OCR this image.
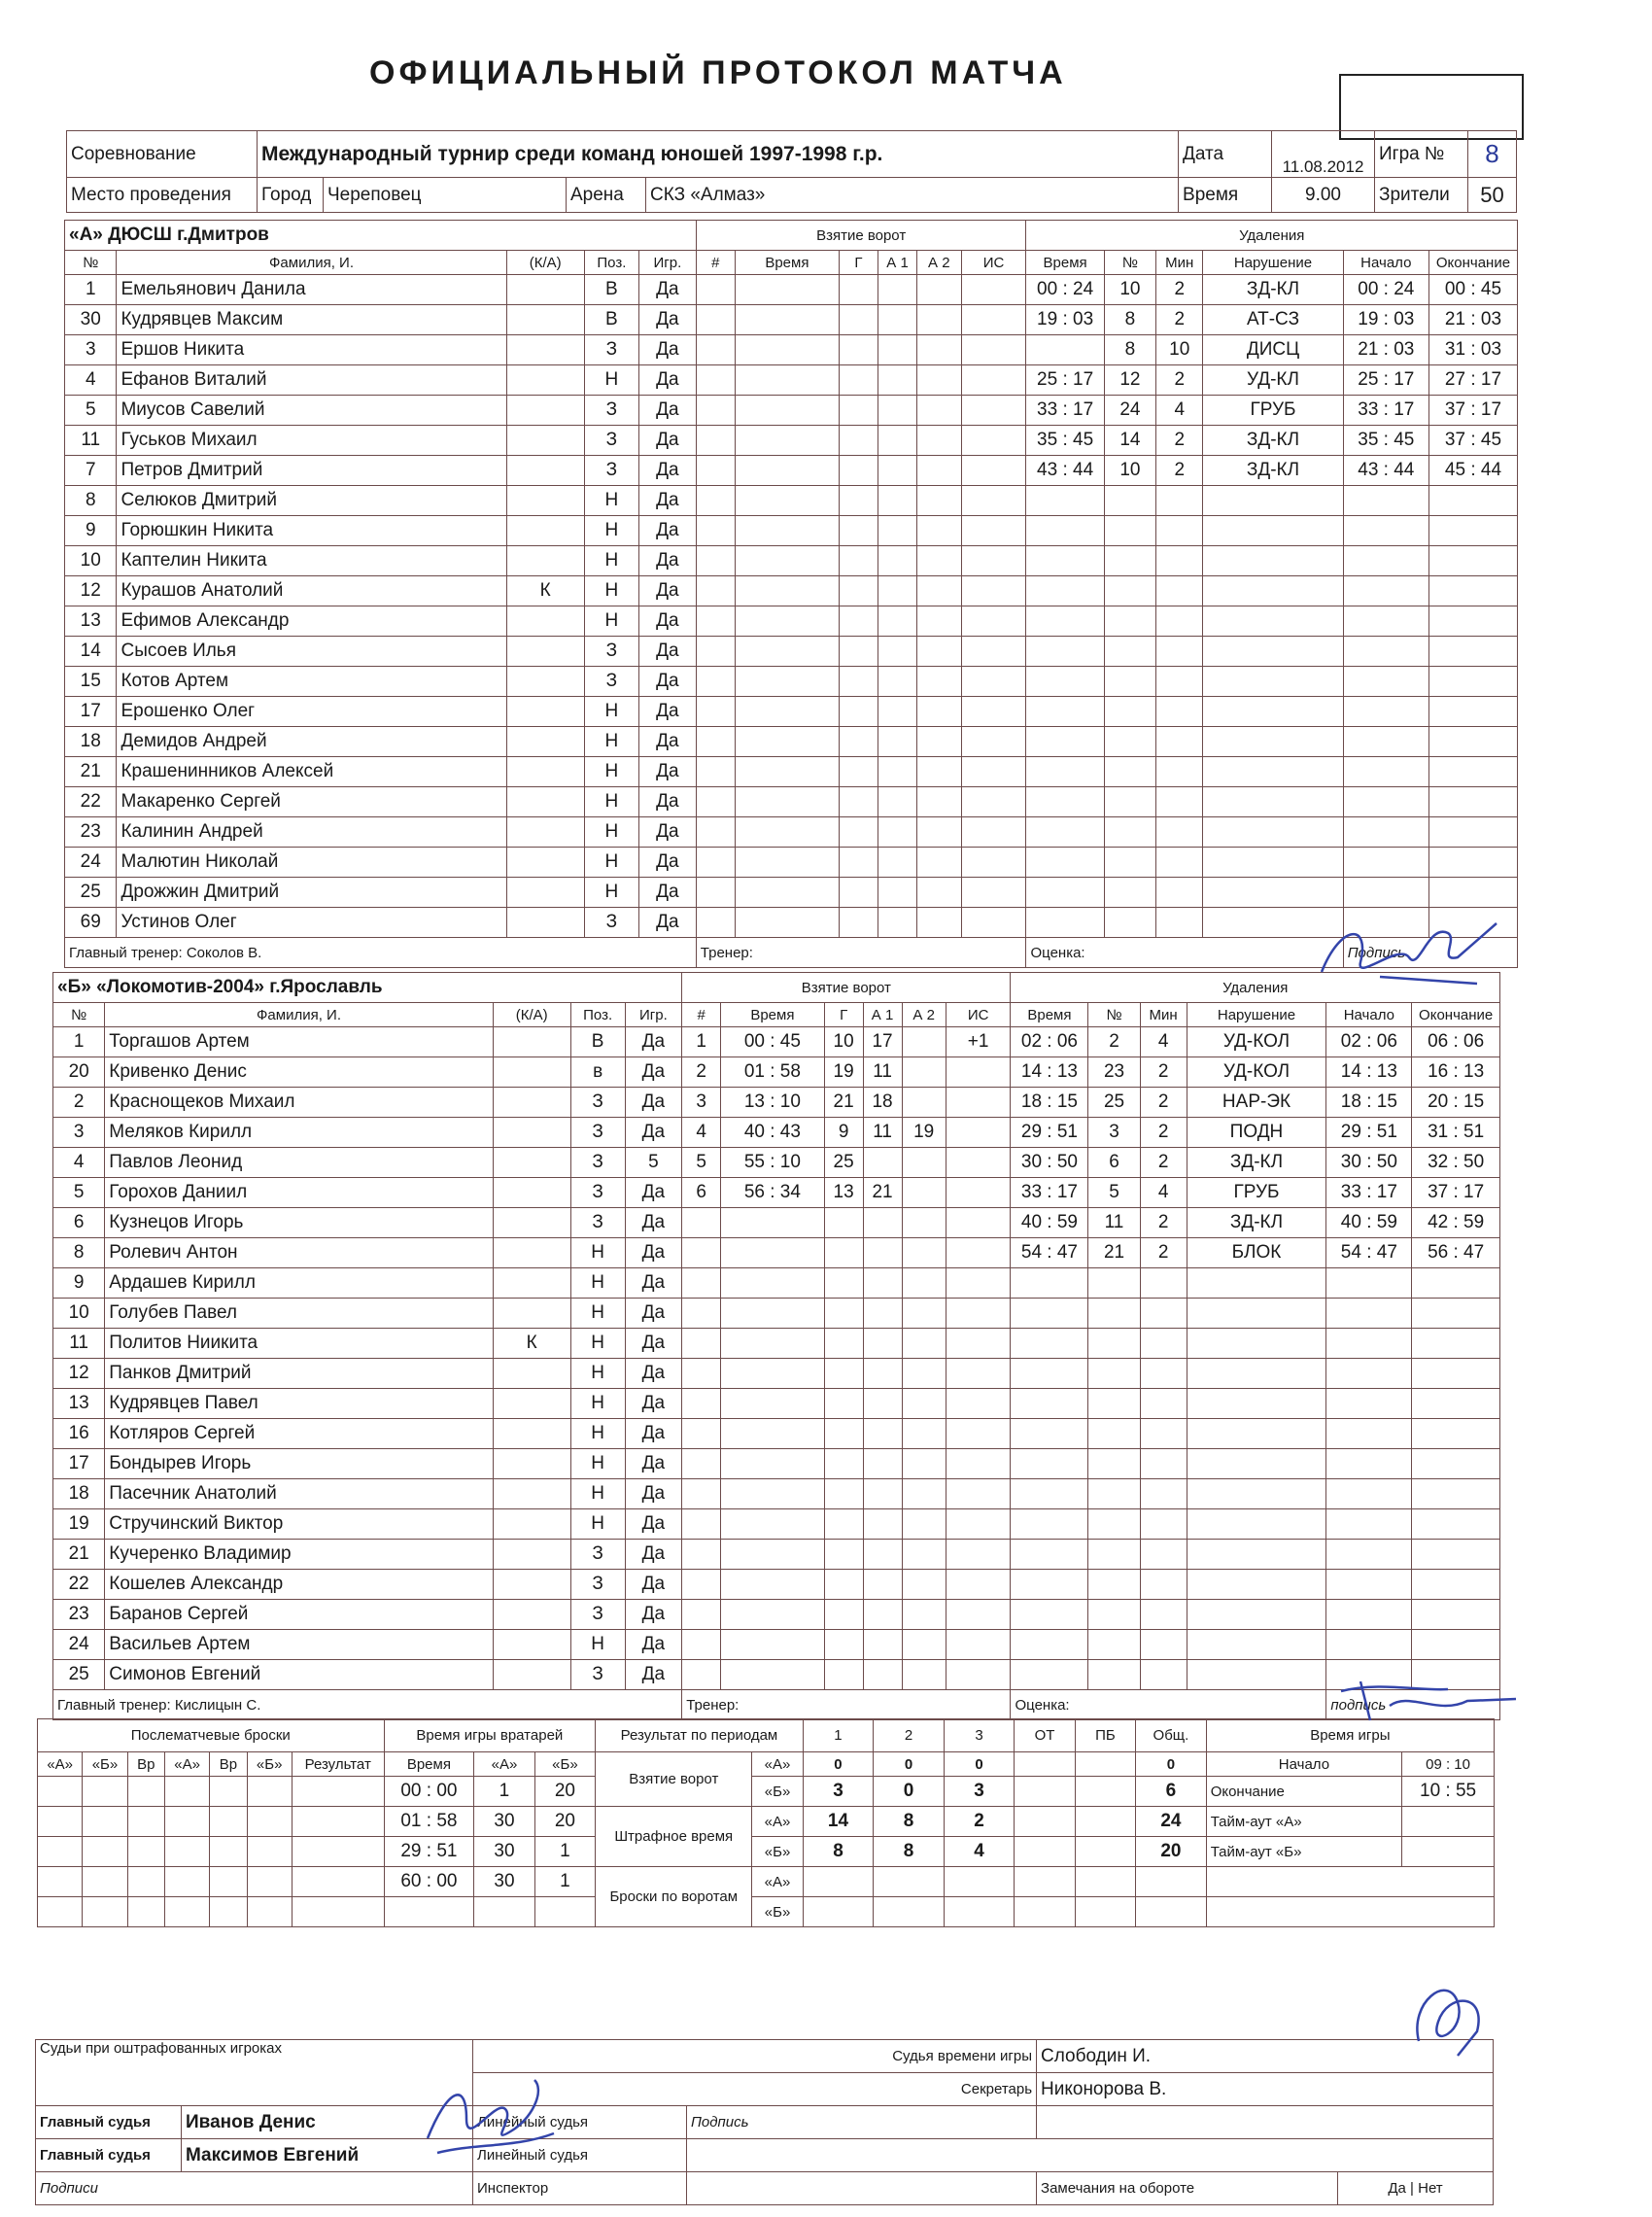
ОФИЦИАЛЬНЫЙ ПРОТОКОЛ МАТЧА
Соревнование	Международный турнир среди команд юношей 1997-1998 г.р.				Дата	11.08.2012	Игра №	8
Место проведения	Город	Череповец	Арена	СКЗ «Алмаз»	Время	9.00	Зрители	50
«А» ДЮСШ г.Дмитров					Взятие ворот						Удаления					
№	Фамилия, И.	(К/А)	Поз.	Игр.	#	Время	Г	А 1	А 2	ИС	Время	№	Мин	Нарушение	Начало	Окончание
1	Емельянович Данила		В	Да							00 : 24	10	2	ЗД-КЛ	00 : 24	00 : 45
30	Кудрявцев Максим		В	Да							19 : 03	8	2	АТ-СЗ	19 : 03	21 : 03
3	Ершов Никита		З	Да								8	10	ДИСЦ	21 : 03	31 : 03
4	Ефанов Виталий		Н	Да							25 : 17	12	2	УД-КЛ	25 : 17	27 : 17
5	Миусов Савелий		З	Да							33 : 17	24	4	ГРУБ	33 : 17	37 : 17
11	Гуськов Михаил		З	Да							35 : 45	14	2	ЗД-КЛ	35 : 45	37 : 45
7	Петров Дмитрий		З	Да							43 : 44	10	2	ЗД-КЛ	43 : 44	45 : 44
8	Селюков Дмитрий		Н	Да												
9	Горюшкин Никита		Н	Да												
10	Каптелин Никита		Н	Да												
12	Курашов Анатолий	К	Н	Да												
13	Ефимов Александр		Н	Да												
14	Сысоев Илья		З	Да												
15	Котов Артем		З	Да												
17	Ерошенко Олег		Н	Да												
18	Демидов Андрей		Н	Да												
21	Крашенинников Алексей		Н	Да												
22	Макаренко Сергей		Н	Да												
23	Калинин Андрей		Н	Да												
24	Малютин Николай		Н	Да												
25	Дрожжин Дмитрий		Н	Да												
69	Устинов Олег		З	Да												
Главный тренер: Соколов В.					Тренер:						Оценка:				Подпись	
«Б» «Локомотив-2004» г.Ярославль					Взятие ворот						Удаления					
№	Фамилия, И.	(К/А)	Поз.	Игр.	#	Время	Г	А 1	А 2	ИС	Время	№	Мин	Нарушение	Начало	Окончание
1	Торгашов Артем		В	Да	1	00 : 45	10	17		+1	02 : 06	2	4	УД-КОЛ	02 : 06	06 : 06
20	Кривенко Денис		в	Да	2	01 : 58	19	11			14 : 13	23	2	УД-КОЛ	14 : 13	16 : 13
2	Краснощеков Михаил		З	Да	3	13 : 10	21	18			18 : 15	25	2	НАР-ЭК	18 : 15	20 : 15
3	Меляков Кирилл		З	Да	4	40 : 43	9	11	19		29 : 51	3	2	ПОДН	29 : 51	31 : 51
4	Павлов Леонид		З	5	5	55 : 10	25				30 : 50	6	2	ЗД-КЛ	30 : 50	32 : 50
5	Горохов Даниил		З	Да	6	56 : 34	13	21			33 : 17	5	4	ГРУБ	33 : 17	37 : 17
6	Кузнецов Игорь		З	Да							40 : 59	11	2	ЗД-КЛ	40 : 59	42 : 59
8	Ролевич Антон		Н	Да							54 : 47	21	2	БЛОК	54 : 47	56 : 47
9	Ардашев Кирилл		Н	Да												
10	Голубев Павел		Н	Да												
11	Политов Ниикита	К	Н	Да												
12	Панков Дмитрий		Н	Да												
13	Кудрявцев Павел		Н	Да												
16	Котляров Сергей		Н	Да												
17	Бондырев Игорь		Н	Да												
18	Пасечник Анатолий		Н	Да												
19	Стручинский Виктор		Н	Да												
21	Кучеренко Владимир		З	Да												
22	Кошелев Александр		З	Да												
23	Баранов Сергей		З	Да												
24	Васильев Артем		Н	Да												
25	Симонов Евгений		З	Да												
Главный тренер: Кислицын С.					Тренер:						Оценка:				подпись	
Послематчевые броски							Время игры вратарей			Результат по периодам		1	2	3	ОТ	ПБ	Общ.	Время игры	
«А»	«Б»	Вр	«А»	Вр	«Б»	Результат	Время	«А»	«Б»	Взятие ворот	«А»	0	0	0			0	Начало	09 : 10
							00 : 00	1	20		«Б»	3	0	3			6	Окончание	10 : 55
							01 : 58	30	20	Штрафное время	«А»	14	8	2			24	Тайм-аут «А»	
							29 : 51	30	1		«Б»	8	8	4			20	Тайм-аут «Б»	
							60 : 00	30	1	Броски по воротам	«А»								
											«Б»								
Судьи при оштрафованных игроках		Судья времени игры		Слободин И.	
		Секретарь		Никонорова В.	
Главный судья	Иванов Денис	Линейный судья	Подпись		
Главный судья	Максимов Евгений	Линейный судья			
Подписи		Инспектор		Замечания на обороте	Да | Нет
